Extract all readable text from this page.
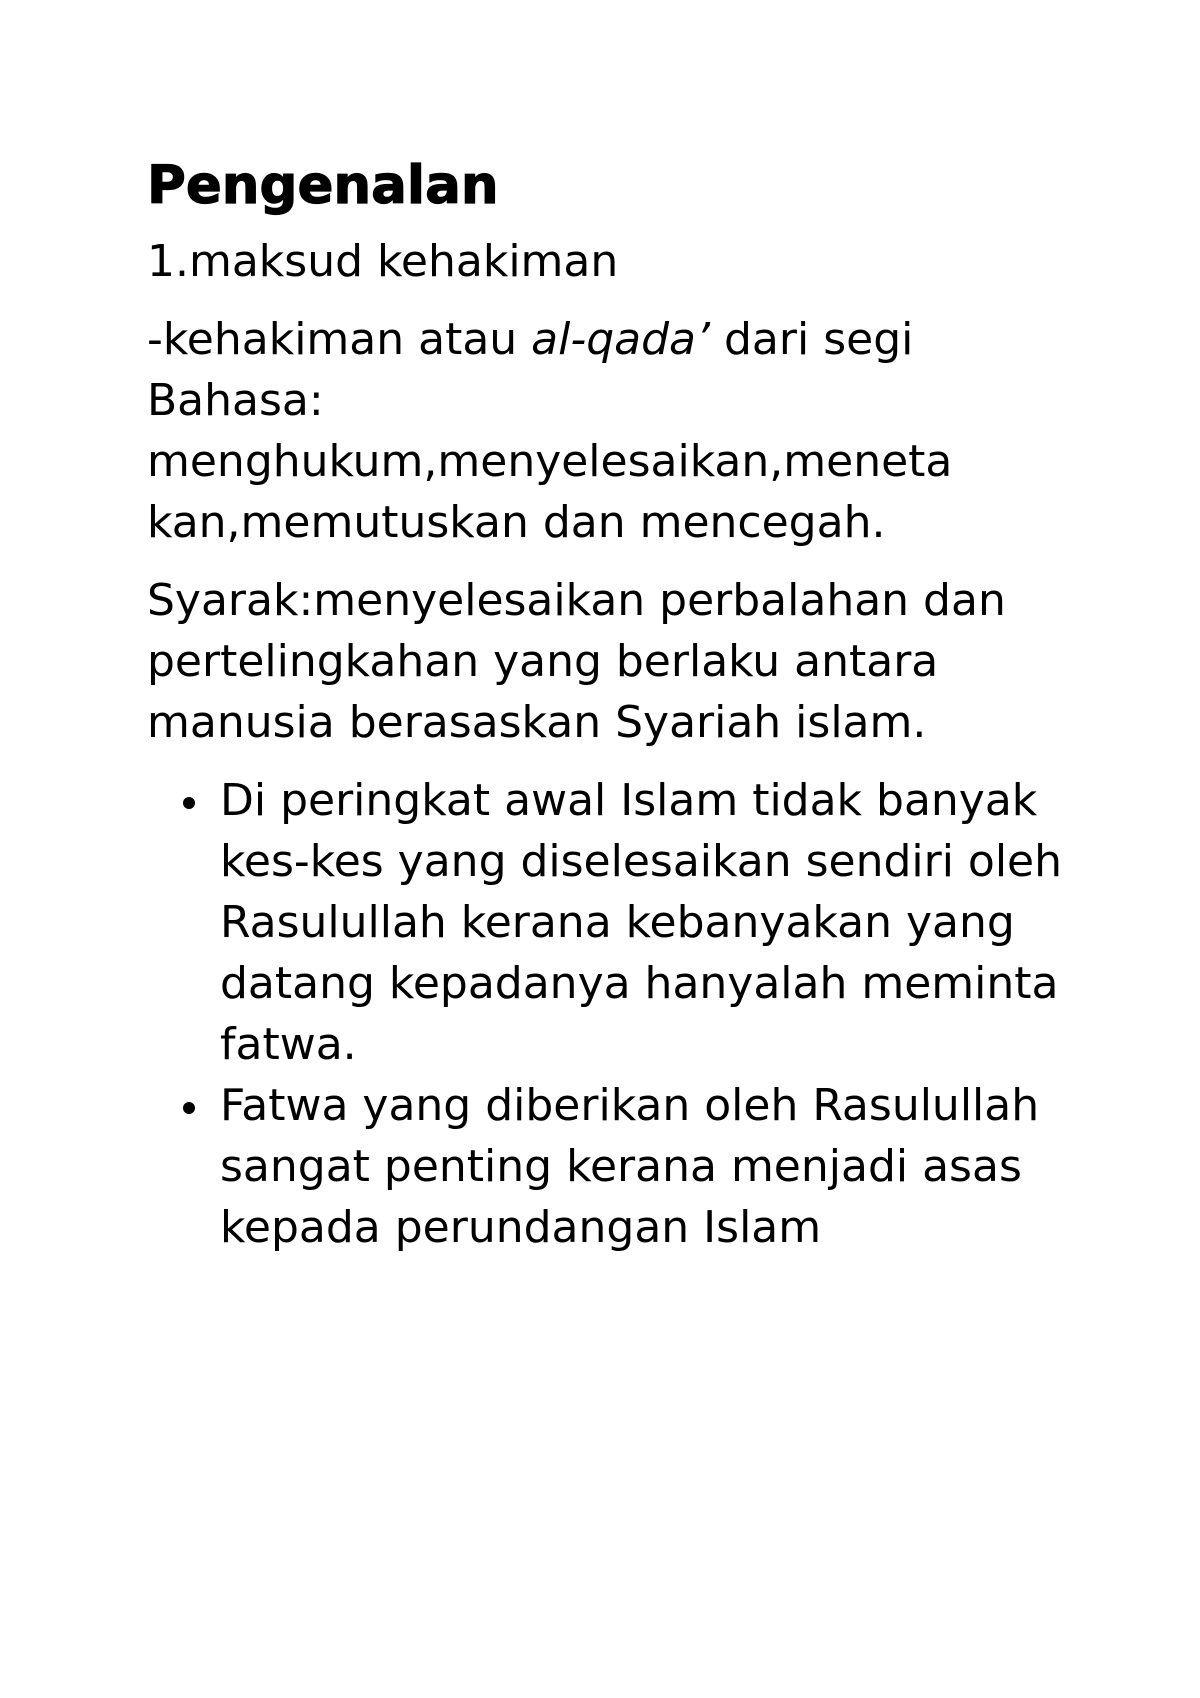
Pengenalan

1.maksud kehakiman

-kehakiman atau al-qada’ dari segi
Bahasa:
menghukum,menyelesaikan,meneta
kan,memutuskan dan mencegah.

Syarak:menyelesaikan perbalahan dan pertelingkahan yang berlaku antara manusia berasaskan Syariah islam.

Di peringkat awal Islam tidak banyak kes-kes yang diselesaikan sendiri oleh Rasulullah kerana kebanyakan yang datang kepadanya hanyalah meminta fatwa.
Fatwa yang diberikan oleh Rasulullah sangat penting kerana menjadi asas kepada perundangan Islam
